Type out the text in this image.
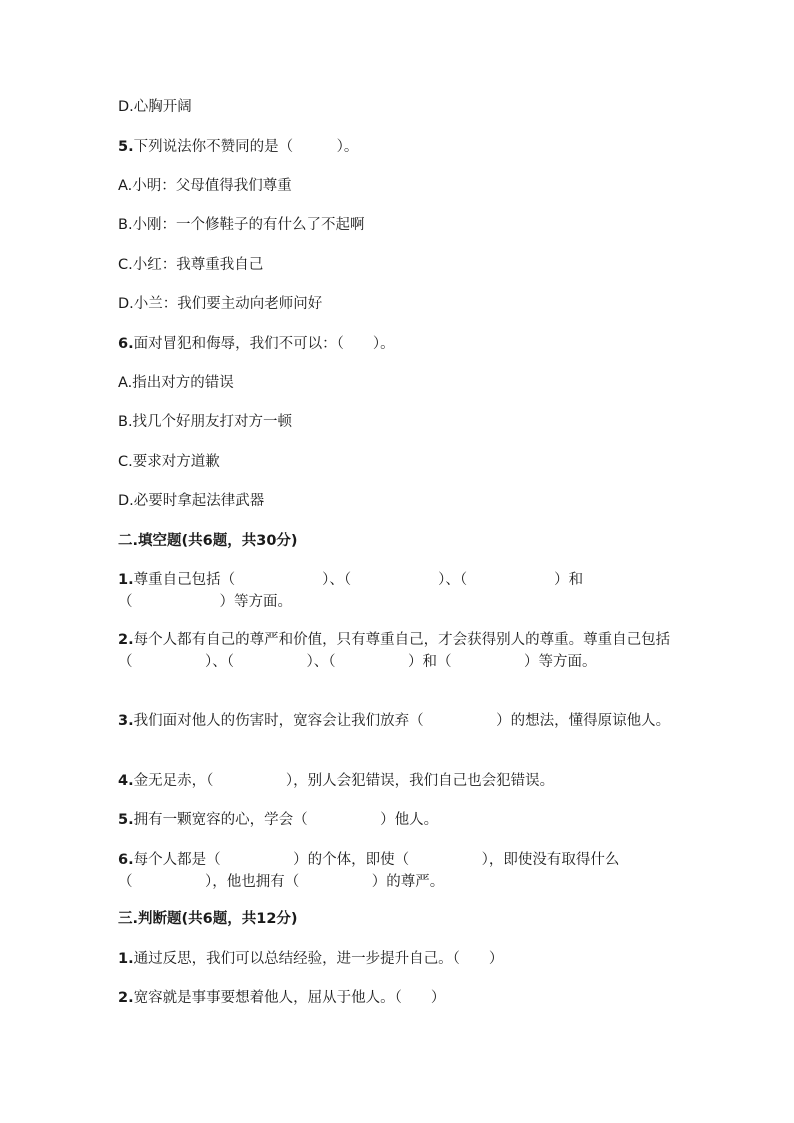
D.心胸开阔
5.下列说法你不赞同的是（　　　）。
A.小明：父母值得我们尊重
B.小刚：一个修鞋子的有什么了不起啊
C.小红：我尊重我自己
D.小兰：我们要主动向老师问好
6.面对冒犯和侮辱，我们不可以：（　　）。
A.指出对方的错误
B.找几个好朋友打对方一顿
C.要求对方道歉
D.必要时拿起法律武器
二.填空题(共6题，共30分)
1.尊重自己包括（　　　　　　）、（　　　　　　）、（　　　　　　）和（　　　　　　）等方面。
2.每个人都有自己的尊严和价值，只有尊重自己，才会获得别人的尊重。尊重自己包括（　　　　　）、（　　　　　）、（　　　　　）和（　　　　　）等方面。
3.我们面对他人的伤害时，宽容会让我们放弃（　　　　　）的想法，懂得原谅他人。
4.金无足赤，（　　　　　），别人会犯错误，我们自己也会犯错误。
5.拥有一颗宽容的心，学会（　　　　　）他人。
6.每个人都是（　　　　　）的个体，即使（　　　　　），即使没有取得什么（　　　　　），他也拥有（　　　　　）的尊严。
三.判断题(共6题，共12分)
1.通过反思，我们可以总结经验，进一步提升自己。（　　）
2.宽容就是事事要想着他人，屈从于他人。（　　）
